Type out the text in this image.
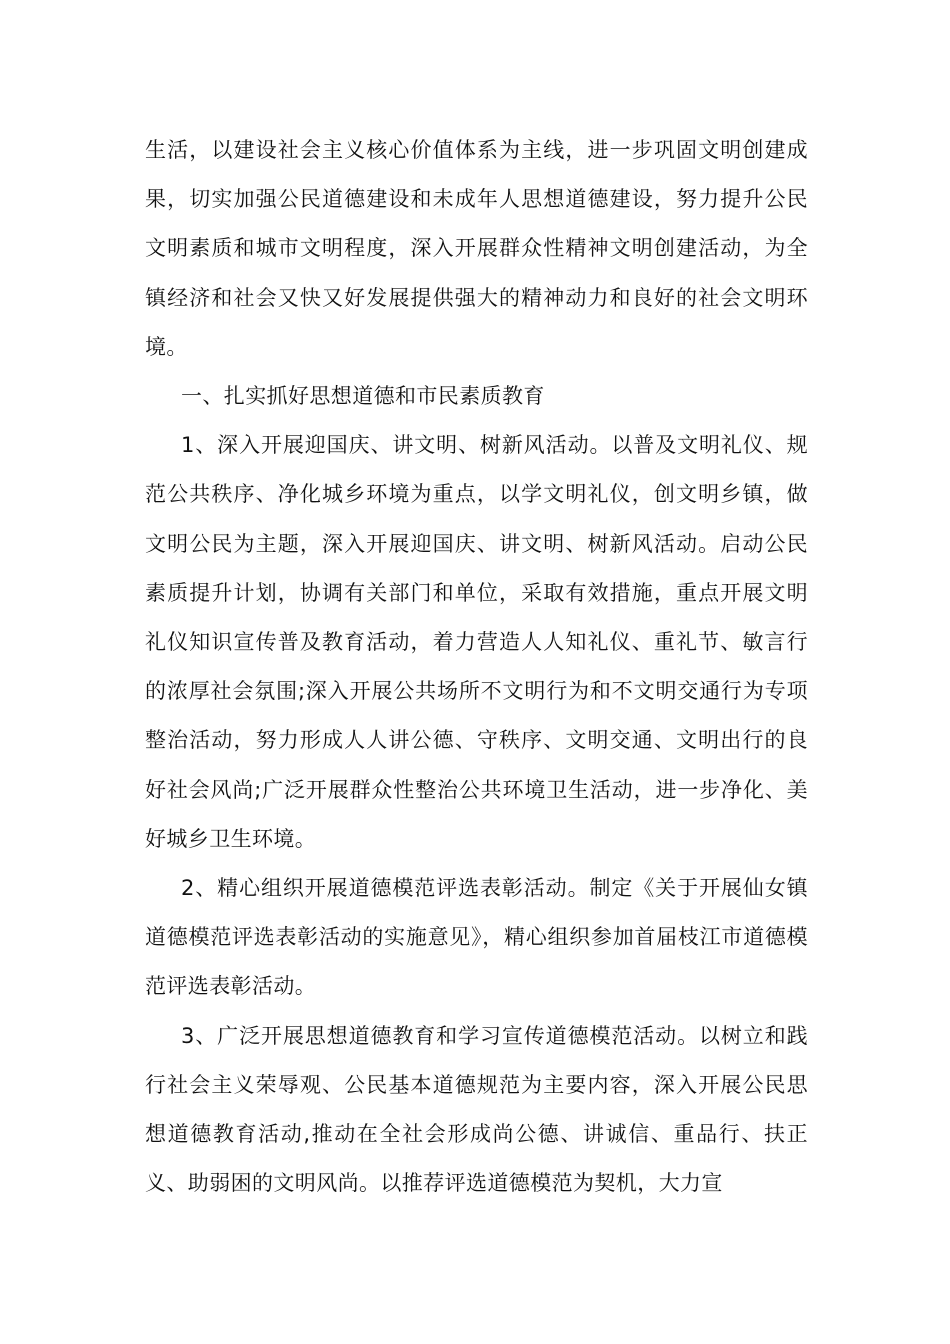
生活，以建设社会主义核心价值体系为主线，进一步巩固文明创建成果，切实加强公民道德建设和未成年人思想道德建设，努力提升公民文明素质和城市文明程度，深入开展群众性精神文明创建活动，为全镇经济和社会又快又好发展提供强大的精神动力和良好的社会文明环境。

一、扎实抓好思想道德和市民素质教育

1、深入开展迎国庆、讲文明、树新风活动。以普及文明礼仪、规范公共秩序、净化城乡环境为重点，以学文明礼仪，创文明乡镇，做文明公民为主题，深入开展迎国庆、讲文明、树新风活动。启动公民素质提升计划，协调有关部门和单位，采取有效措施，重点开展文明礼仪知识宣传普及教育活动，着力营造人人知礼仪、重礼节、敏言行的浓厚社会氛围;深入开展公共场所不文明行为和不文明交通行为专项整治活动，努力形成人人讲公德、守秩序、文明交通、文明出行的良好社会风尚;广泛开展群众性整治公共环境卫生活动，进一步净化、美好城乡卫生环境。

2、精心组织开展道德模范评选表彰活动。制定《关于开展仙女镇道德模范评选表彰活动的实施意见》，精心组织参加首届枝江市道德模范评选表彰活动。

3、广泛开展思想道德教育和学习宣传道德模范活动。以树立和践行社会主义荣辱观、公民基本道德规范为主要内容，深入开展公民思想道德教育活动,推动在全社会形成尚公德、讲诚信、重品行、扶正义、助弱困的文明风尚。以推荐评选道德模范为契机，大力宣
